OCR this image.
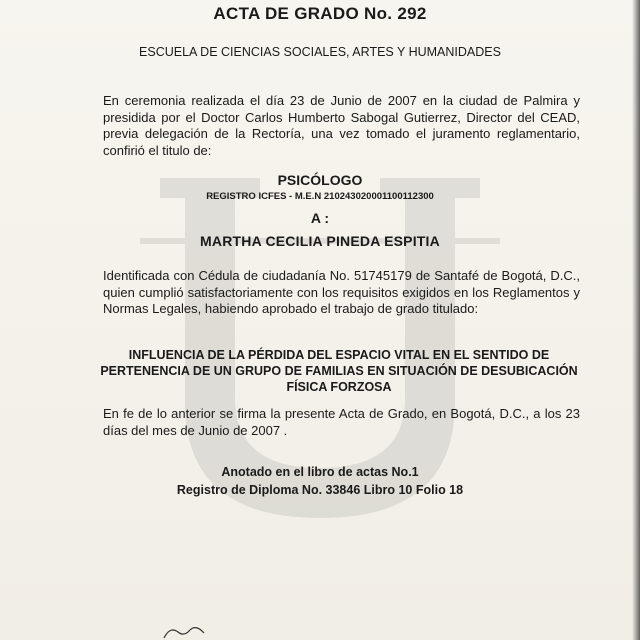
ACTA DE GRADO No. 292
ESCUELA DE CIENCIAS SOCIALES, ARTES Y HUMANIDADES
En ceremonia realizada el día 23 de Junio de 2007 en la ciudad de Palmira y presidida por el Doctor Carlos Humberto Sabogal Gutierrez, Director del CEAD, previa delegación de la Rectoría, una vez tomado el juramento reglamentario, confirió el titulo de:
PSICÓLOGO
REGISTRO ICFES - M.E.N 210243020001100112300
A :
MARTHA CECILIA PINEDA ESPITIA
Identificada con Cédula de ciudadanía No. 51745179 de Santafé de Bogotá, D.C., quien cumplió satisfactoriamente con los requisitos exigidos en los Reglamentos y Normas Legales, habiendo aprobado el trabajo de grado titulado:
INFLUENCIA DE LA PÉRDIDA DEL ESPACIO VITAL EN EL SENTIDO DE PERTENENCIA DE UN GRUPO DE FAMILIAS EN SITUACIÓN DE DESUBICACIÓN FÍSICA FORZOSA
En fe de lo anterior se firma la presente Acta de Grado, en Bogotá, D.C., a los 23 días del mes de Junio de 2007 .
Anotado en el libro de actas No.1
Registro de Diploma No. 33846 Libro 10 Folio 18
